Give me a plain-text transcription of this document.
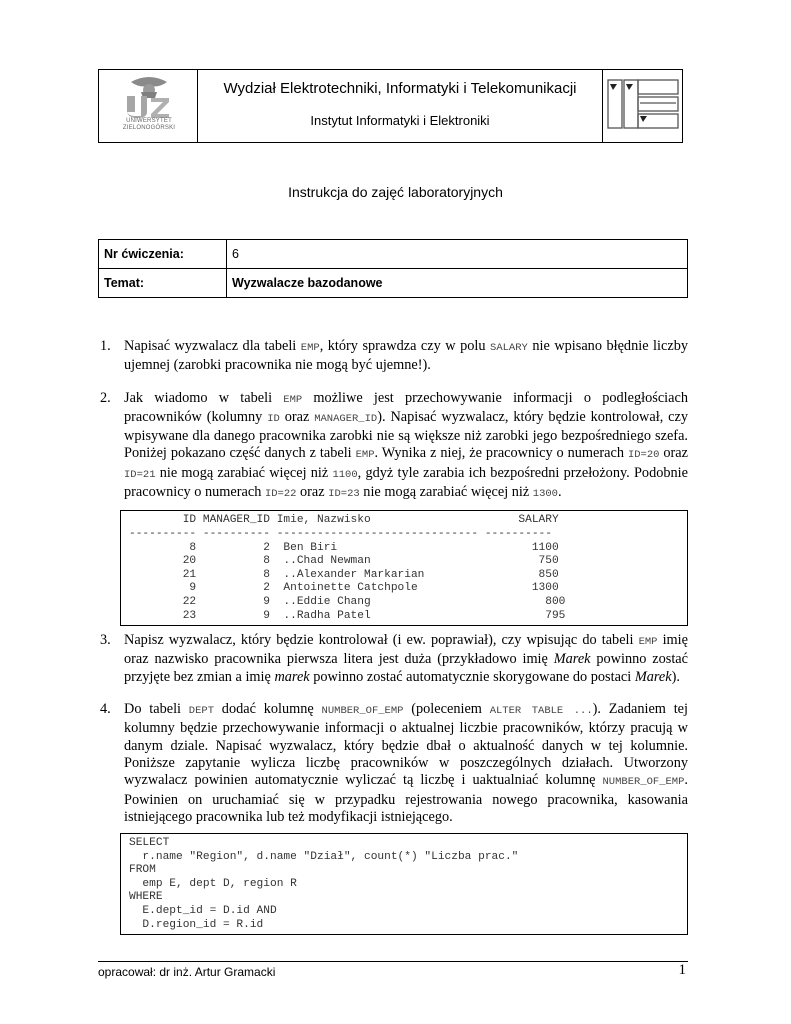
UNIWERSYTET
ZIELONOGÓRSKI
Wydział Elektrotechniki, Informatyki i Telekomunikacji
Instytut Informatyki i Elektroniki
Instrukcja do zajęć laboratoryjnych
Nr ćwiczenia:	6
Temat:	Wyzwalacze bazodanowe
1. Napisać wyzwalacz dla tabeli EMP, który sprawdza czy w polu SALARY nie wpisano błędnie liczby ujemnej (zarobki pracownika nie mogą być ujemne!).
2. Jak wiadomo w tabeli EMP możliwe jest przechowywanie informacji o podległościach pracowników (kolumny ID oraz MANAGER_ID). Napisać wyzwalacz, który będzie kontrolował, czy wpisywane dla danego pracownika zarobki nie są większe niż zarobki jego bezpośredniego szefa. Poniżej pokazano część danych z tabeli EMP. Wynika z niej, że pracownicy o numerach ID=20 oraz ID=21 nie mogą zarabiać więcej niż 1100, gdyż tyle zarabia ich bezpośredni przełożony. Podobnie pracownicy o numerach ID=22 oraz ID=23 nie mogą zarabiać więcej niż 1300.
ID MANAGER_ID Imie, Nazwisko                      SALARY
---------- ---------- ------------------------------ ----------
8          2  Ben Biri                             1100
20          8  ..Chad Newman                         750
21          8  ..Alexander Markarian                 850
9          2  Antoinette Catchpole                 1300
22          9  ..Eddie Chang                          800
23          9  ..Radha Patel                          795
3. Napisz wyzwalacz, który będzie kontrolował (i ew. poprawiał), czy wpisując do tabeli EMP imię oraz nazwisko pracownika pierwsza litera jest duża (przykładowo imię Marek powinno zostać przyjęte bez zmian a imię marek powinno zostać automatycznie skorygowane do postaci Marek).
4. Do tabeli DEPT dodać kolumnę NUMBER_OF_EMP (poleceniem ALTER TABLE ...). Zadaniem tej kolumny będzie przechowywanie informacji o aktualnej liczbie pracowników, którzy pracują w danym dziale. Napisać wyzwalacz, który będzie dbał o aktualność danych w tej kolumnie. Poniższe zapytanie wylicza liczbę pracowników w poszczególnych działach. Utworzony wyzwalacz powinien automatycznie wyliczać tą liczbę i uaktualniać kolumnę NUMBER_OF_EMP. Powinien on uruchamiać się w przypadku rejestrowania nowego pracownika, kasowania istniejącego pracownika lub też modyfikacji istniejącego.
SELECT
r.name "Region", d.name "Dział", count(*) "Liczba prac."
FROM
emp E, dept D, region R
WHERE
E.dept_id = D.id AND
D.region_id = R.id
opracował: dr inż. Artur Gramacki	1
